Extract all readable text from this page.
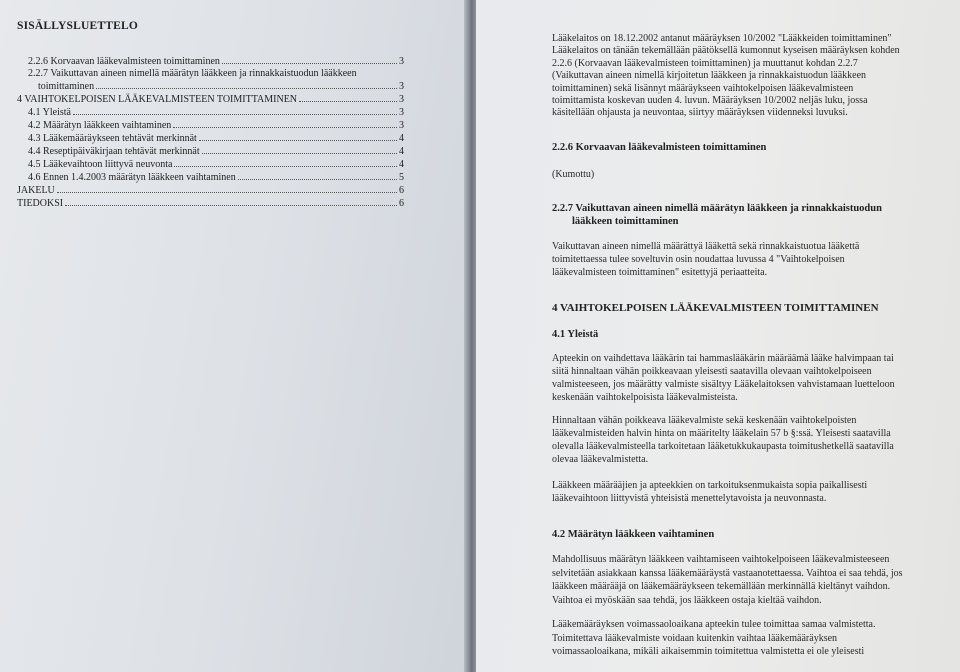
SISÄLLYSLUETTELO
2.2.6 Korvaavan lääkevalmisteen toimittaminen	3
2.2.7 Vaikuttavan aineen nimellä määrätyn lääkkeen ja rinnakkaistuodun lääkkeen
toimittaminen	3
4 VAIHTOKELPOISEN LÄÄKEVALMISTEEN TOIMITTAMINEN	3
4.1 Yleistä	3
4.2 Määrätyn lääkkeen vaihtaminen	3
4.3 Lääkemääräykseen tehtävät merkinnät	4
4.4 Reseptipäiväkirjaan tehtävät merkinnät	4
4.5 Lääkevaihtoon liittyvä neuvonta	4
4.6 Ennen 1.4.2003 määrätyn lääkkeen vaihtaminen	5
JAKELU	6
TIEDOKSI	6
Lääkelaitos on 18.12.2002 antanut määräyksen 10/2002 "Lääkkeiden toimittaminen"
Lääkelaitos on tänään tekemällään päätöksellä kumonnut kyseisen määräyksen kohden
2.2.6 (Korvaavan lääkevalmisteen toimittaminen) ja muuttanut kohdan 2.2.7
(Vaikuttavan aineen nimellä kirjoitetun lääkkeen ja rinnakkaistuodun lääkkeen
toimittaminen) sekä lisännyt määräykseen vaihtokelpoisen lääkevalmisteen
toimittamista koskevan uuden 4. luvun. Määräyksen 10/2002 neljäs luku, jossa
käsitellään ohjausta ja neuvontaa, siirtyy määräyksen viidenneksi luvuksi.
2.2.6 Korvaavan lääkevalmisteen toimittaminen
(Kumottu)
2.2.7 Vaikuttavan aineen nimellä määrätyn lääkkeen ja rinnakkaistuodun
lääkkeen toimittaminen
Vaikuttavan aineen nimellä määrättyä lääkettä sekä rinnakkaistuotua lääkettä
toimitettaessa tulee soveltuvin osin noudattaa luvussa 4 "Vaihtokelpoisen
lääkevalmisteen toimittaminen" esitettyjä periaatteita.
4 VAIHTOKELPOISEN LÄÄKEVALMISTEEN TOIMITTAMINEN
4.1 Yleistä
Apteekin on vaihdettava lääkärin tai hammaslääkärin määräämä lääke halvimpaan tai
siitä hinnaltaan vähän poikkeavaan yleisesti saatavilla olevaan vaihtokelpoiseen
valmisteeseen, jos määrätty valmiste sisältyy Lääkelaitoksen vahvistamaan luetteloon
keskenään vaihtokelpoisista lääkevalmisteista.
Hinnaltaan vähän poikkeava lääkevalmiste sekä keskenään vaihtokelpoisten
lääkevalmisteiden halvin hinta on määritelty lääkelain 57 b §:ssä. Yleisesti saatavilla
olevalla lääkevalmisteella tarkoitetaan lääketukkukaupasta toimitushetkellä saatavilla
olevaa lääkevalmistetta.
Lääkkeen määrääjien ja apteekkien on tarkoituksenmukaista sopia paikallisesti
lääkevaihtoon liittyvistä yhteisistä menettelytavoista ja neuvonnasta.
4.2 Määrätyn lääkkeen vaihtaminen
Mahdollisuus määrätyn lääkkeen vaihtamiseen vaihtokelpoiseen lääkevalmisteeseen
selvitetään asiakkaan kanssa lääkemääräystä vastaanotettaessa. Vaihtoa ei saa tehdä, jos
lääkkeen määrääjä on lääkemääräykseen tekemällään merkinnällä kieltänyt vaihdon.
Vaihtoa ei myöskään saa tehdä, jos lääkkeen ostaja kieltää vaihdon.
Lääkemääräyksen voimassaoloaikana apteekin tulee toimittaa samaa valmistetta.
Toimitettava lääkevalmiste voidaan kuitenkin vaihtaa lääkemääräyksen
voimassaoloaikana, mikäli aikaisemmin toimitettua valmistetta ei ole yleisesti
